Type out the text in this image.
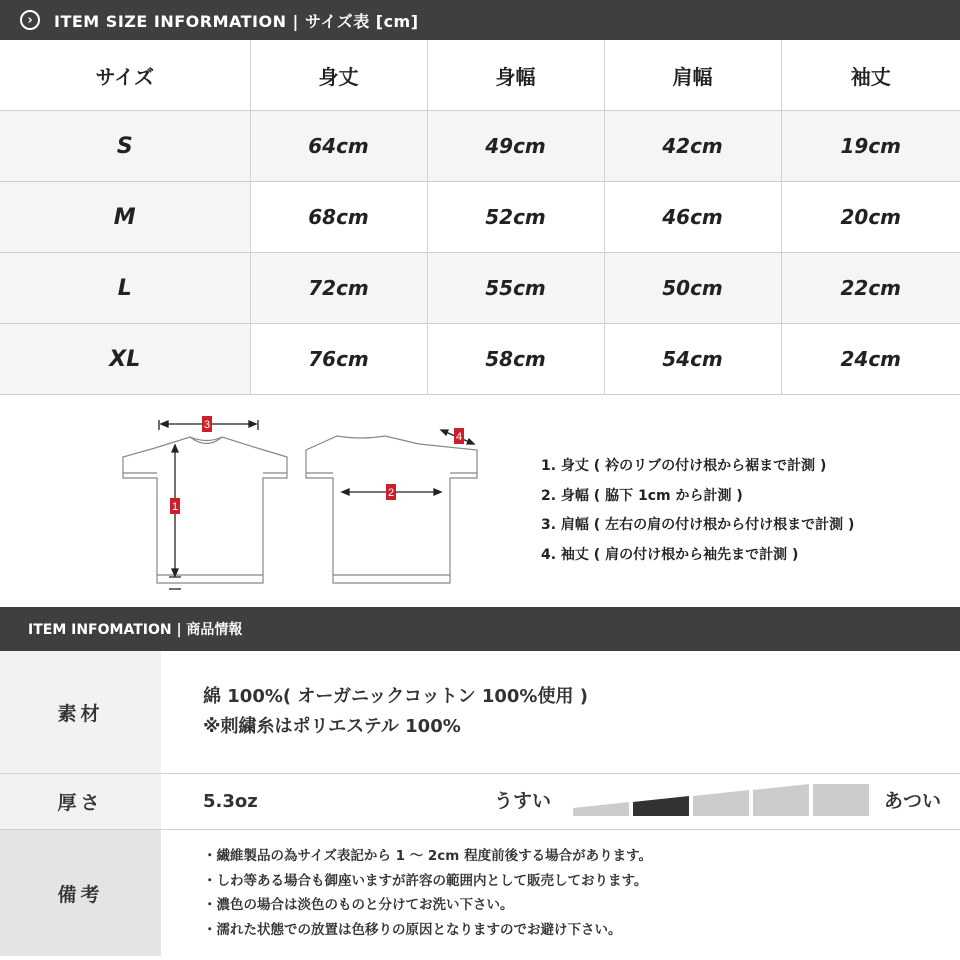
›	ITEM SIZE INFORMATION | サイズ表 [cm]
サイズ	身丈	身幅	肩幅	袖丈
S	64cm	49cm	42cm	19cm
M	68cm	52cm	46cm	20cm
L	72cm	55cm	50cm	22cm
XL	76cm	58cm	54cm	24cm
3
1
2
4
1. 身丈 ( 衿のリブの付け根から裾まで計測 )
2. 身幅 ( 脇下 1cm から計測 )
3. 肩幅 ( 左右の肩の付け根から付け根まで計測 )
4. 袖丈 ( 肩の付け根から袖先まで計測 )
ITEM INFOMATION | 商品情報
素材
綿 100%( オーガニックコットン 100%使用 )
※刺繍糸はポリエステル 100%
厚さ	5.3oz	うすい	あつい
備考
・繊維製品の為サイズ表記から 1 ～ 2cm 程度前後する場合があります。
・しわ等ある場合も御座いますが許容の範囲内として販売しております。
・濃色の場合は淡色のものと分けてお洗い下さい。
・濡れた状態での放置は色移りの原因となりますのでお避け下さい。
